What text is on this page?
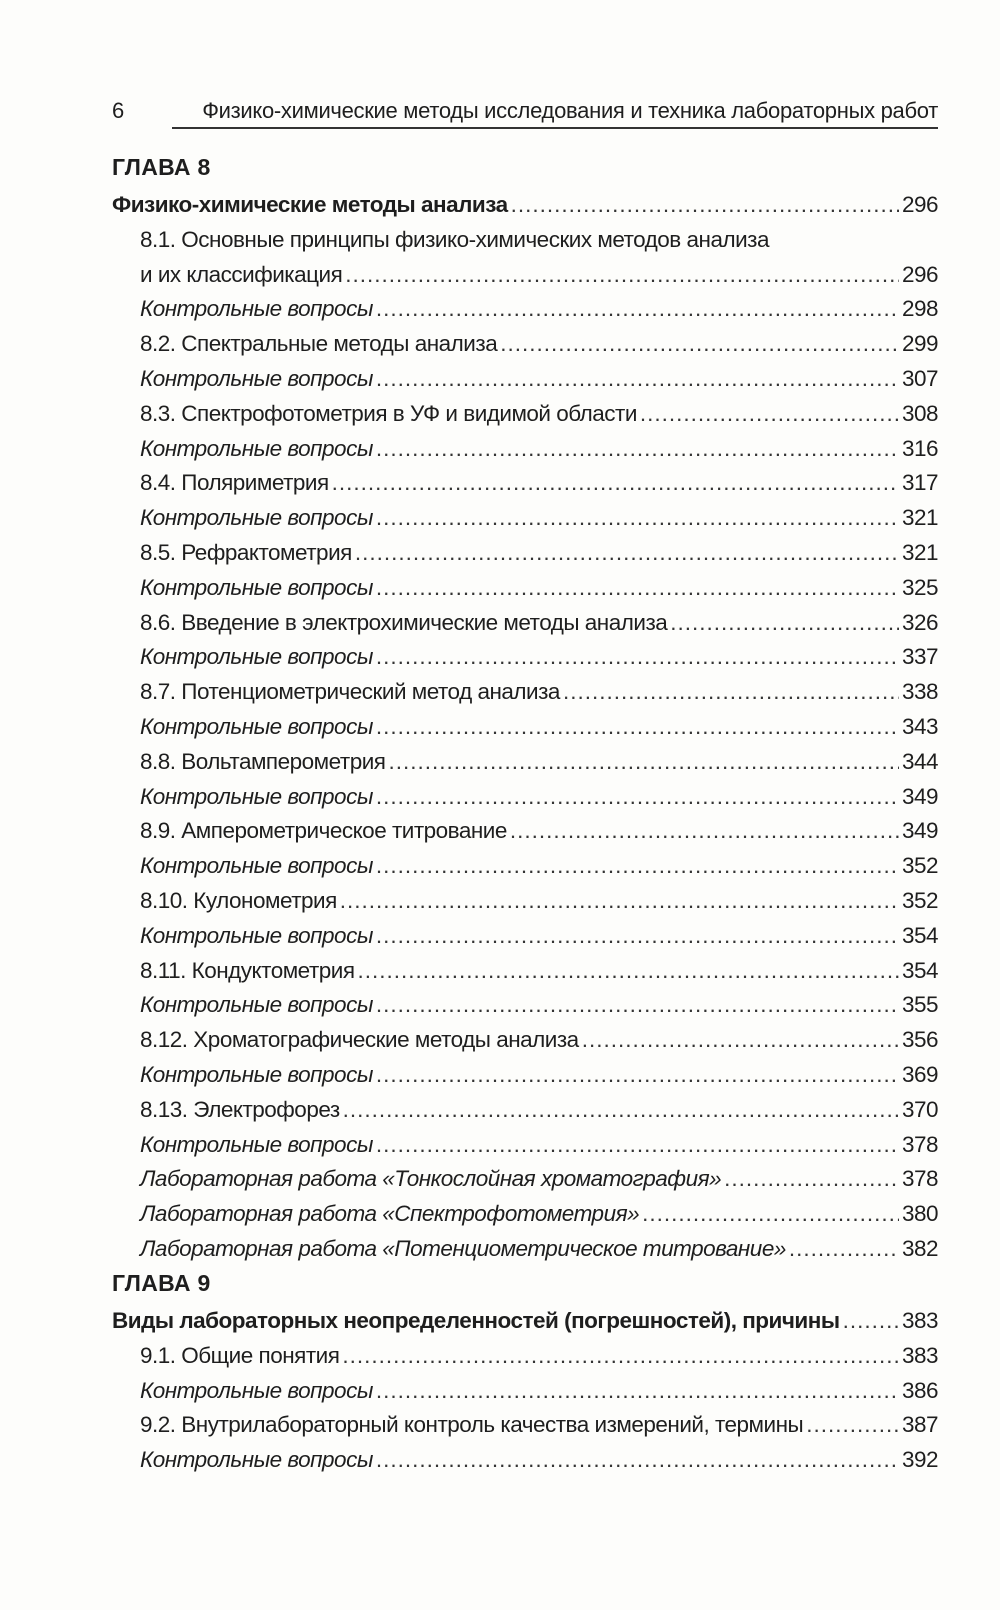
6	Физико-химические методы исследования и техника лабораторных работ
ГЛАВА 8
Физико-химические методы анализа .....	296
8.1. Основные принципы физико-химических методов анализа
и их классификация .....	296
Контрольные вопросы .....	298
8.2. Спектральные методы анализа .....	299
Контрольные вопросы .....	307
8.3. Спектрофотометрия в УФ и видимой области .....	308
Контрольные вопросы .....	316
8.4. Поляриметрия .....	317
Контрольные вопросы .....	321
8.5. Рефрактометрия .....	321
Контрольные вопросы .....	325
8.6. Введение в электрохимические методы анализа .....	326
Контрольные вопросы .....	337
8.7. Потенциометрический метод анализа .....	338
Контрольные вопросы .....	343
8.8. Вольтамперометрия .....	344
Контрольные вопросы .....	349
8.9. Амперометрическое титрование .....	349
Контрольные вопросы .....	352
8.10. Кулонометрия .....	352
Контрольные вопросы .....	354
8.11. Кондуктометрия .....	354
Контрольные вопросы .....	355
8.12. Хроматографические методы анализа .....	356
Контрольные вопросы .....	369
8.13. Электрофорез .....	370
Контрольные вопросы .....	378
Лабораторная работа «Тонкослойная хроматография» .....	378
Лабораторная работа «Спектрофотометрия» .....	380
Лабораторная работа «Потенциометрическое титрование» .....	382
ГЛАВА 9
Виды лабораторных неопределенностей (погрешностей), причины .....	383
9.1. Общие понятия .....	383
Контрольные вопросы .....	386
9.2. Внутрилабораторный контроль качества измерений, термины .....	387
Контрольные вопросы .....	392
